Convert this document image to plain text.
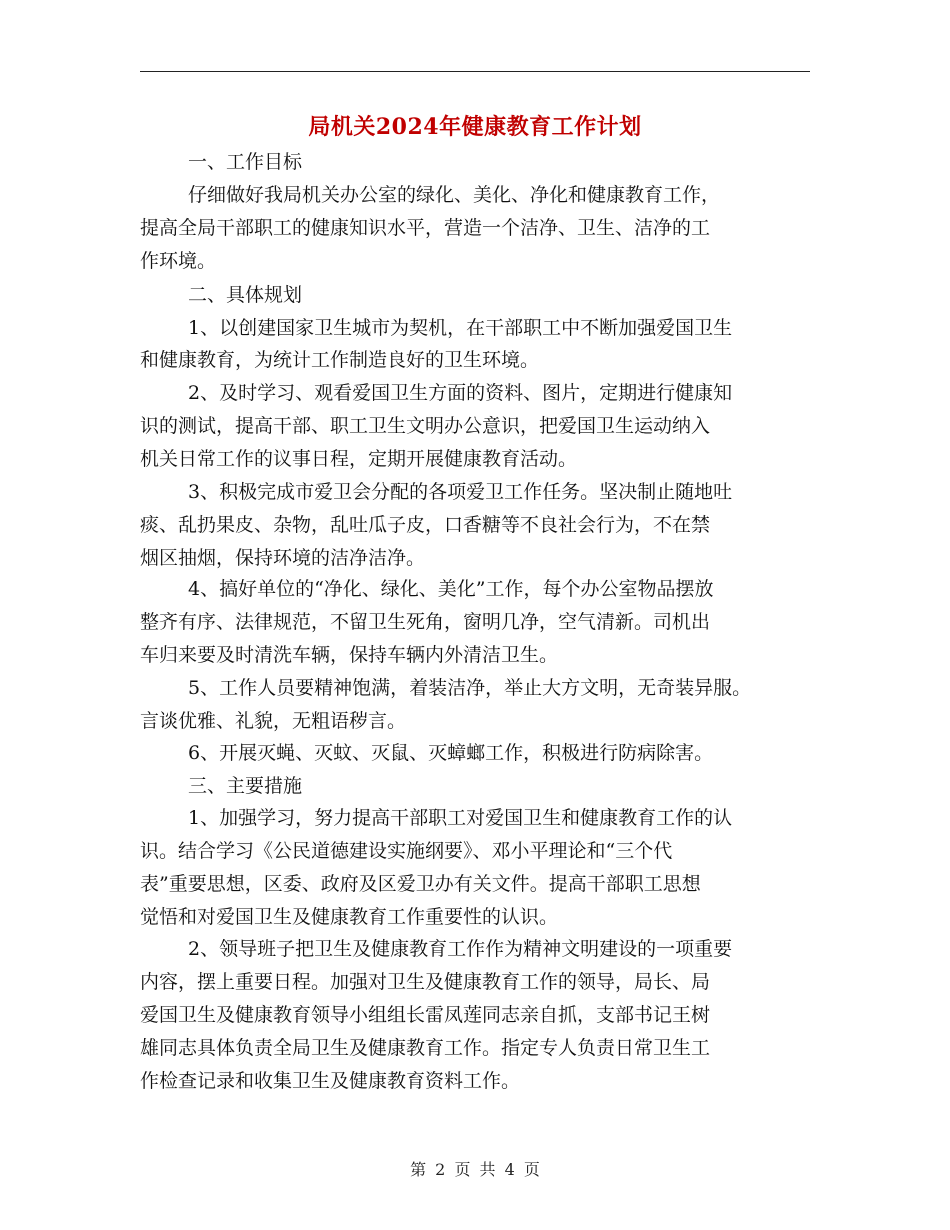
局机关2024年健康教育工作计划
一、工作目标
仔细做好我局机关办公室的绿化、美化、净化和健康教育工作，
提高全局干部职工的健康知识水平，营造一个洁净、卫生、洁净的工
作环境。
二、具体规划
1、以创建国家卫生城市为契机，在干部职工中不断加强爱国卫生
和健康教育，为统计工作制造良好的卫生环境。
2、及时学习、观看爱国卫生方面的资料、图片，定期进行健康知
识的测试，提高干部、职工卫生文明办公意识，把爱国卫生运动纳入
机关日常工作的议事日程，定期开展健康教育活动。
3、积极完成市爱卫会分配的各项爱卫工作任务。坚决制止随地吐
痰、乱扔果皮、杂物，乱吐瓜子皮，口香糖等不良社会行为，不在禁
烟区抽烟，保持环境的洁净洁净。
4、搞好单位的“净化、绿化、美化”工作，每个办公室物品摆放
整齐有序、法律规范，不留卫生死角，窗明几净，空气清新。司机出
车归来要及时清洗车辆，保持车辆内外清洁卫生。
5、工作人员要精神饱满，着装洁净，举止大方文明，无奇装异服。
言谈优雅、礼貌，无粗语秽言。
6、开展灭蝇、灭蚊、灭鼠、灭蟑螂工作，积极进行防病除害。
三、主要措施
1、加强学习，努力提高干部职工对爱国卫生和健康教育工作的认
识。结合学习《公民道德建设实施纲要》、邓小平理论和“三个代
表”重要思想，区委、政府及区爱卫办有关文件。提高干部职工思想
觉悟和对爱国卫生及健康教育工作重要性的认识。
2、领导班子把卫生及健康教育工作作为精神文明建设的一项重要
内容，摆上重要日程。加强对卫生及健康教育工作的领导，局长、局
爱国卫生及健康教育领导小组组长雷凤莲同志亲自抓，支部书记王树
雄同志具体负责全局卫生及健康教育工作。指定专人负责日常卫生工
作检查记录和收集卫生及健康教育资料工作。
第 2 页 共 4 页
